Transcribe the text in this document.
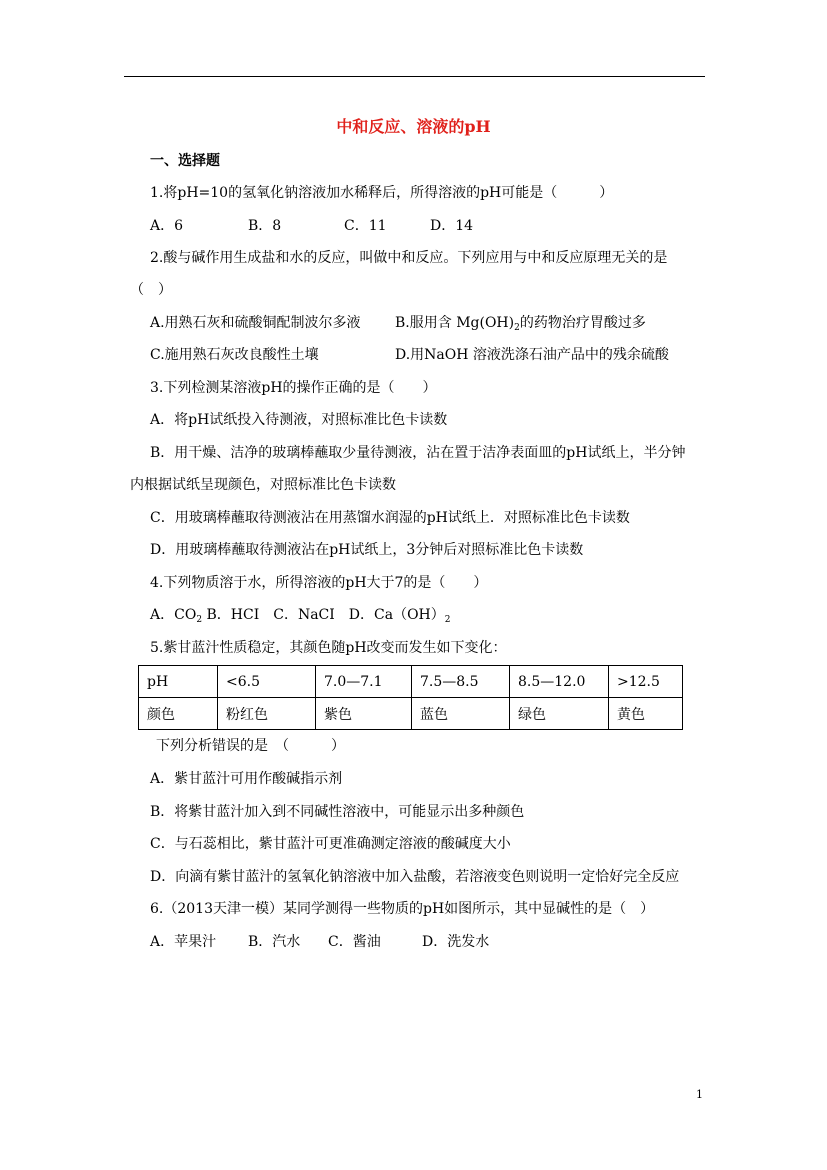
中和反应、溶液的pH
一、选择题
1.将pH=10的氢氧化钠溶液加水稀释后，所得溶液的pH可能是（　　　）
A．6	B．8	C．11	D．14
2.酸与碱作用生成盐和水的反应，叫做中和反应。下列应用与中和反应原理无关的是
（　）
A.用熟石灰和硫酸铜配制波尔多液 B.服用含 $Mg(OH)_2$的药物治疗胃酸过多
C.施用熟石灰改良酸性土壤	D.用NaOH 溶液洗涤石油产品中的残余硫酸
3.下列检测某溶液pH的操作正确的是（　　）
A．将pH试纸投入待测液，对照标准比色卡读数
B．用干燥、洁净的玻璃棒蘸取少量待测液，沾在置于洁净表面皿的pH试纸上，半分钟
内根据试纸呈现颜色，对照标准比色卡读数
C．用玻璃棒蘸取待测液沾在用蒸馏水润湿的pH试纸上．对照标准比色卡读数
D．用玻璃棒蘸取待测液沾在pH试纸上，3分钟后对照标准比色卡读数
4.下列物质溶于水，所得溶液的pH大于7的是（　　）
A．$CO_2$ B．HCI　C．NaCI　D．$Ca(OH)_2$
5.紫甘蓝汁性质稳定，其颜色随pH改变而发生如下变化：
pH	<6.5	7.0—7.1	7.5—8.5	8.5—12.0	>12.5
颜色	粉红色	紫色	蓝色	绿色	黄色
下列分析错误的是　（　　　）
A．紫甘蓝汁可用作酸碱指示剂
B．将紫甘蓝汁加入到不同碱性溶液中，可能显示出多种颜色
C．与石蕊相比，紫甘蓝汁可更准确测定溶液的酸碱度大小
D．向滴有紫甘蓝汁的氢氧化钠溶液中加入盐酸，若溶液变色则说明一定恰好完全反应
6.（2013天津一模）某同学测得一些物质的pH如图所示，其中显碱性的是（　）
A．苹果汁 B．汽水 C．酱油	D．洗发水
1
